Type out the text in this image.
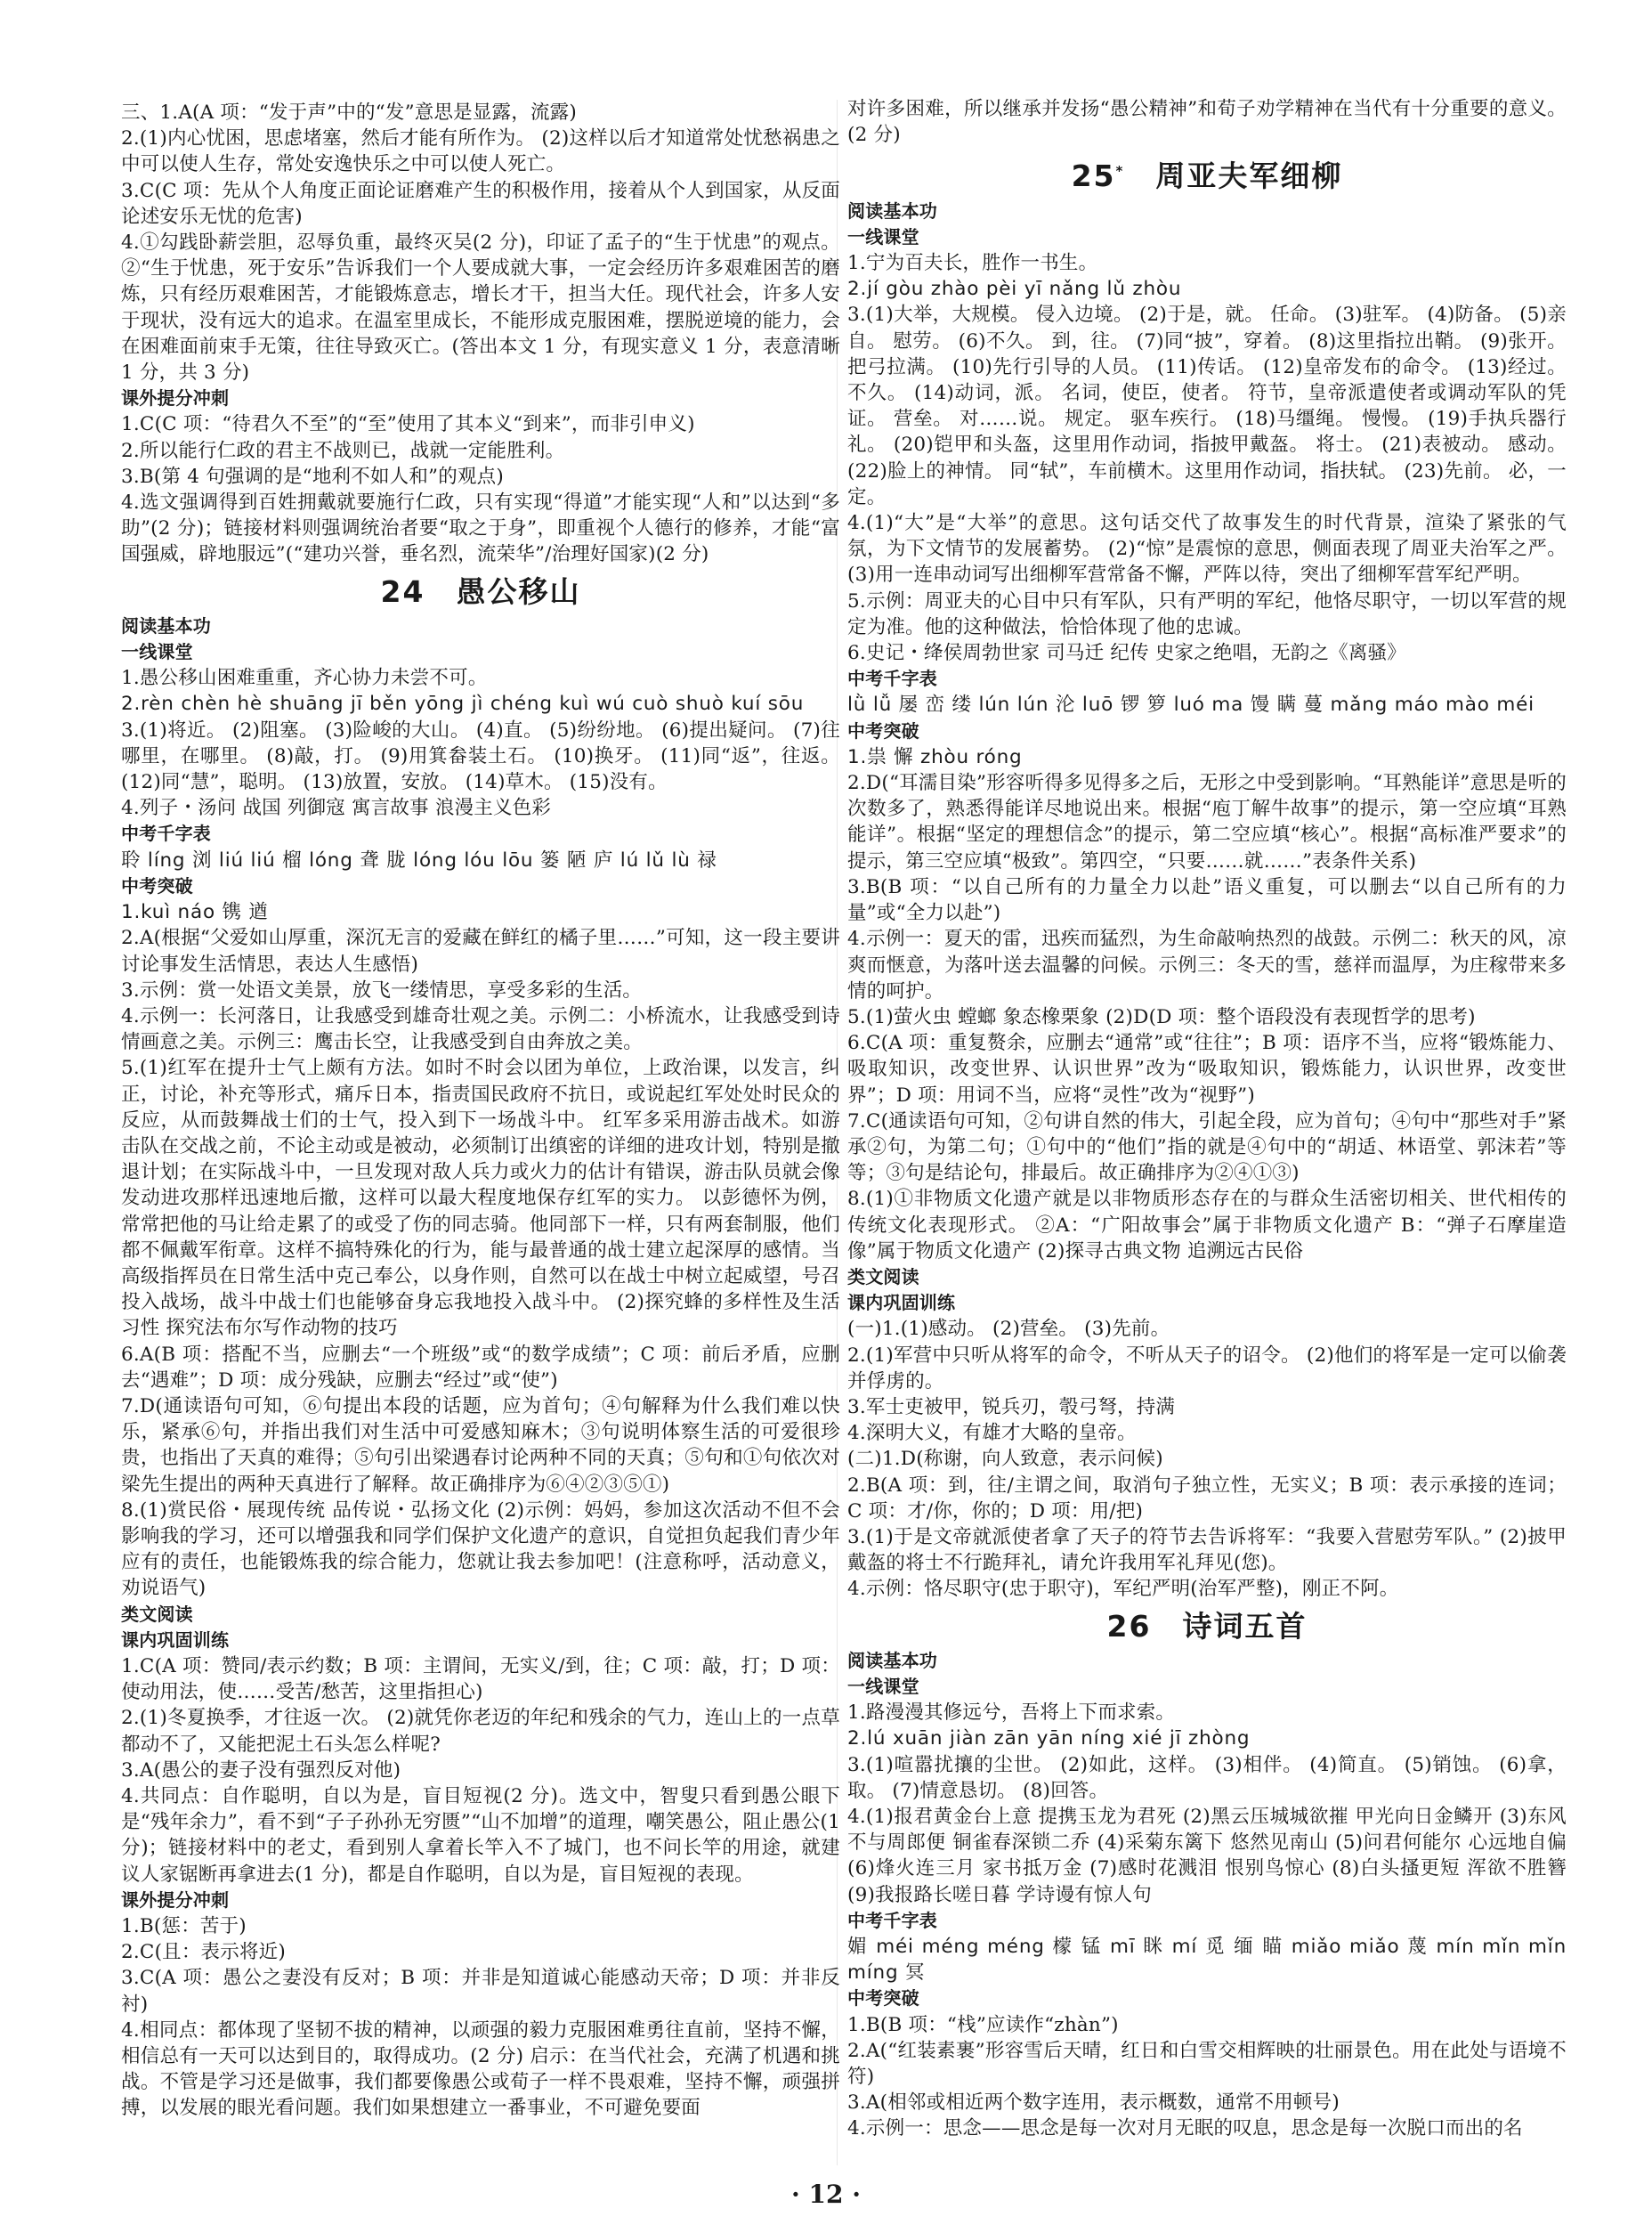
三、1.A(A 项：“发于声”中的“发”意思是显露，流露)

2.(1)内心忧困，思虑堵塞，然后才能有所作为。 (2)这样以后才知道常处忧愁祸患之中可以使人生存，常处安逸快乐之中可以使人死亡。

3.C(C 项：先从个人角度正面论证磨难产生的积极作用，接着从个人到国家，从反面论述安乐无忧的危害)

4.①勾践卧薪尝胆，忍辱负重，最终灭吴(2 分)，印证了孟子的“生于忧患”的观点。②“生于忧患，死于安乐”告诉我们一个人要成就大事，一定会经历许多艰难困苦的磨炼，只有经历艰难困苦，才能锻炼意志，增长才干，担当大任。现代社会，许多人安于现状，没有远大的追求。在温室里成长，不能形成克服困难，摆脱逆境的能力，会在困难面前束手无策，往往导致灭亡。(答出本文 1 分，有现实意义 1 分，表意清晰 1 分，共 3 分)

课外提分冲刺

1.C(C 项：“待君久不至”的“至”使用了其本义“到来”，而非引申义)

2.所以能行仁政的君主不战则已，战就一定能胜利。

3.B(第 4 句强调的是“地利不如人和”的观点)

4.选文强调得到百姓拥戴就要施行仁政，只有实现“得道”才能实现“人和”以达到“多助”(2 分)；链接材料则强调统治者要“取之于身”，即重视个人德行的修养，才能“富国强威，辟地服远”(“建功兴誉，垂名烈，流荣华”/治理好国家)(2 分)

24  愚公移山

阅读基本功

一线课堂

1.愚公移山困难重重，齐心协力未尝不可。

2.rèn chèn hè shuāng jī běn yōng jì chéng kuì wú cuò shuò kuí sōu

3.(1)将近。 (2)阻塞。 (3)险峻的大山。 (4)直。 (5)纷纷地。 (6)提出疑问。 (7)往哪里，在哪里。 (8)敲，打。 (9)用箕畚装土石。 (10)换牙。 (11)同“返”，往返。 (12)同“慧”，聪明。 (13)放置，安放。 (14)草木。 (15)没有。

4.列子・汤问 战国 列御寇 寓言故事 浪漫主义色彩

中考千字表

聆 líng 浏 liú liú 榴 lóng 聋 胧 lóng lóu lōu 篓 陋 庐 lú lǔ lù 禄

中考突破

1.kuì náo 镌 遒

2.A(根据“父爱如山厚重，深沉无言的爱藏在鲜红的橘子里……”可知，这一段主要讲讨论事发生活情思，表达人生感悟)

3.示例：赏一处语文美景，放飞一缕情思，享受多彩的生活。

4.示例一：长河落日，让我感受到雄奇壮观之美。示例二：小桥流水，让我感受到诗情画意之美。示例三：鹰击长空，让我感受到自由奔放之美。

5.(1)红军在提升士气上颇有方法。如时不时会以团为单位，上政治课，以发言，纠正，讨论，补充等形式，痛斥日本，指责国民政府不抗日，或说起红军处处时民众的反应，从而鼓舞战士们的士气，投入到下一场战斗中。 红军多采用游击战术。如游击队在交战之前，不论主动或是被动，必须制订出缜密的详细的进攻计划，特别是撤退计划；在实际战斗中，一旦发现对敌人兵力或火力的估计有错误，游击队员就会像发动进攻那样迅速地后撤，这样可以最大程度地保存红军的实力。 以彭德怀为例，常常把他的马让给走累了的或受了伤的同志骑。他同部下一样，只有两套制服，他们都不佩戴军衔章。这样不搞特殊化的行为，能与最普通的战士建立起深厚的感情。当高级指挥员在日常生活中克己奉公，以身作则，自然可以在战士中树立起威望，号召投入战场，战斗中战士们也能够奋身忘我地投入战斗中。 (2)探究蜂的多样性及生活习性 探究法布尔写作动物的技巧

6.A(B 项：搭配不当，应删去“一个班级”或“的数学成绩”；C 项：前后矛盾，应删去“遇难”；D 项：成分残缺，应删去“经过”或“使”)

7.D(通读语句可知，⑥句提出本段的话题，应为首句；④句解释为什么我们难以快乐，紧承⑥句，并指出我们对生活中可爱感知麻木；③句说明体察生活的可爱很珍贵，也指出了天真的难得；⑤句引出梁遇春讨论两种不同的天真；⑤句和①句依次对梁先生提出的两种天真进行了解释。故正确排序为⑥④②③⑤①)

8.(1)赏民俗・展现传统 品传说・弘扬文化 (2)示例：妈妈，参加这次活动不但不会影响我的学习，还可以增强我和同学们保护文化遗产的意识，自觉担负起我们青少年应有的责任，也能锻炼我的综合能力，您就让我去参加吧！(注意称呼，活动意义，劝说语气)

类文阅读

课内巩固训练

1.C(A 项：赞同/表示约数；B 项：主谓间，无实义/到，往；C 项：敲，打；D 项：使动用法，使……受苦/愁苦，这里指担心)

2.(1)冬夏换季，才往返一次。 (2)就凭你老迈的年纪和残余的气力，连山上的一点草都动不了，又能把泥土石头怎么样呢?

3.A(愚公的妻子没有强烈反对他)

4.共同点：自作聪明，自以为是，盲目短视(2 分)。选文中，智叟只看到愚公眼下是“残年余力”，看不到“子子孙孙无穷匮”“山不加增”的道理，嘲笑愚公，阻止愚公(1 分)；链接材料中的老丈，看到别人拿着长竿入不了城门，也不问长竿的用途，就建议人家锯断再拿进去(1 分)，都是自作聪明，自以为是，盲目短视的表现。

课外提分冲刺

1.B(惩：苦于)

2.C(且：表示将近)

3.C(A 项：愚公之妻没有反对；B 项：并非是知道诚心能感动天帝；D 项：并非反衬)

4.相同点：都体现了坚韧不拔的精神，以顽强的毅力克服困难勇往直前，坚持不懈，相信总有一天可以达到目的，取得成功。(2 分) 启示：在当代社会，充满了机遇和挑战。不管是学习还是做事，我们都要像愚公或荀子一样不畏艰难，坚持不懈，顽强拼搏，以发展的眼光看问题。我们如果想建立一番事业，不可避免要面

对许多困难，所以继承并发扬“愚公精神”和荀子劝学精神在当代有十分重要的意义。(2 分)

25*  周亚夫军细柳

阅读基本功

一线课堂

1.宁为百夫长，胜作一书生。

2.jí gòu zhào pèi yī nǎng lǔ zhòu

3.(1)大举，大规模。 侵入边境。 (2)于是，就。 任命。 (3)驻军。 (4)防备。 (5)亲自。 慰劳。 (6)不久。 到，往。 (7)同“披”，穿着。 (8)这里指拉出鞘。 (9)张开。 把弓拉满。 (10)先行引导的人员。 (11)传话。 (12)皇帝发布的命令。 (13)经过。 不久。 (14)动词，派。 名词，使臣，使者。 符节，皇帝派遣使者或调动军队的凭证。 营垒。 对……说。 规定。 驱车疾行。 (18)马缰绳。 慢慢。 (19)手执兵器行礼。 (20)铠甲和头盔，这里用作动词，指披甲戴盔。 将士。 (21)表被动。 感动。 (22)脸上的神情。 同“轼”，车前横木。这里用作动词，指扶轼。 (23)先前。 必，一定。

4.(1)“大”是“大举”的意思。这句话交代了故事发生的时代背景，渲染了紧张的气氛，为下文情节的发展蓄势。 (2)“惊”是震惊的意思，侧面表现了周亚夫治军之严。 (3)用一连串动词写出细柳军营常备不懈，严阵以待，突出了细柳军营军纪严明。

5.示例：周亚夫的心目中只有军队，只有严明的军纪，他恪尽职守，一切以军营的规定为准。他的这种做法，恰恰体现了他的忠诚。

6.史记・绛侯周勃世家 司马迁 纪传 史家之绝唱，无韵之《离骚》

中考千字表

lǜ lǚ 屡 峦 缕 lún lún 沦 luō 锣 箩 luó ma 馒 瞒 蔓 mǎng máo mào méi

中考突破

1.祟 懈 zhòu róng

2.D(“耳濡目染”形容听得多见得多之后，无形之中受到影响。“耳熟能详”意思是听的次数多了，熟悉得能详尽地说出来。根据“庖丁解牛故事”的提示，第一空应填“耳熟能详”。根据“坚定的理想信念”的提示，第二空应填“核心”。根据“高标准严要求”的提示，第三空应填“极致”。第四空，“只要……就……”表条件关系)

3.B(B 项：“以自己所有的力量全力以赴”语义重复，可以删去“以自己所有的力量”或“全力以赴”)

4.示例一：夏天的雷，迅疾而猛烈，为生命敲响热烈的战鼓。示例二：秋天的风，凉爽而惬意，为落叶送去温馨的问候。示例三：冬天的雪，慈祥而温厚，为庄稼带来多情的呵护。

5.(1)萤火虫 螳螂 象态橡栗象 (2)D(D 项：整个语段没有表现哲学的思考)

6.C(A 项：重复赘余，应删去“通常”或“往往”；B 项：语序不当，应将“锻炼能力、吸取知识，改变世界、认识世界”改为“吸取知识，锻炼能力，认识世界，改变世界”；D 项：用词不当，应将“灵性”改为“视野”)

7.C(通读语句可知，②句讲自然的伟大，引起全段，应为首句；④句中“那些对手”紧承②句，为第二句；①句中的“他们”指的就是④句中的“胡适、林语堂、郭沫若”等等；③句是结论句，排最后。故正确排序为②④①③)

8.(1)①非物质文化遗产就是以非物质形态存在的与群众生活密切相关、世代相传的传统文化表现形式。 ②A：“广阳故事会”属于非物质文化遗产 B：“弹子石摩崖造像”属于物质文化遗产 (2)探寻古典文物 追溯远古民俗

类文阅读

课内巩固训练

(一)1.(1)感动。 (2)营垒。 (3)先前。

2.(1)军营中只听从将军的命令，不听从天子的诏令。 (2)他们的将军是一定可以偷袭并俘虏的。

3.军士吏被甲，锐兵刃，彀弓弩，持满

4.深明大义，有雄才大略的皇帝。

(二)1.D(称谢，向人致意，表示问候)

2.B(A 项：到，往/主谓之间，取消句子独立性，无实义；B 项：表示承接的连词；C 项：才/你，你的；D 项：用/把)

3.(1)于是文帝就派使者拿了天子的符节去告诉将军：“我要入营慰劳军队。” (2)披甲戴盔的将士不行跪拜礼，请允许我用军礼拜见(您)。

4.示例：恪尽职守(忠于职守)，军纪严明(治军严整)，刚正不阿。

26  诗词五首

阅读基本功

一线课堂

1.路漫漫其修远兮，吾将上下而求索。

2.lú xuān jiàn zān yān níng xié jī zhòng

3.(1)喧嚣扰攘的尘世。 (2)如此，这样。 (3)相伴。 (4)简直。 (5)销蚀。 (6)拿，取。 (7)情意恳切。 (8)回答。

4.(1)报君黄金台上意 提携玉龙为君死 (2)黑云压城城欲摧 甲光向日金鳞开 (3)东风不与周郎便 铜雀春深锁二乔 (4)采菊东篱下 悠然见南山 (5)问君何能尔 心远地自偏 (6)烽火连三月 家书抵万金 (7)感时花溅泪 恨别鸟惊心 (8)白头搔更短 浑欲不胜簪 (9)我报路长嗟日暮 学诗谩有惊人句

中考千字表

媚 méi méng méng 檬 锰 mī 眯 mí 觅 缅 瞄 miǎo miǎo 蔑 mín mǐn mǐn míng 冥

中考突破

1.B(B 项：“栈”应读作“zhàn”)

2.A(“红装素裹”形容雪后天晴，红日和白雪交相辉映的壮丽景色。用在此处与语境不符)

3.A(相邻或相近两个数字连用，表示概数，通常不用顿号)

4.示例一：思念——思念是每一次对月无眠的叹息，思念是每一次脱口而出的名

· 12 ·
